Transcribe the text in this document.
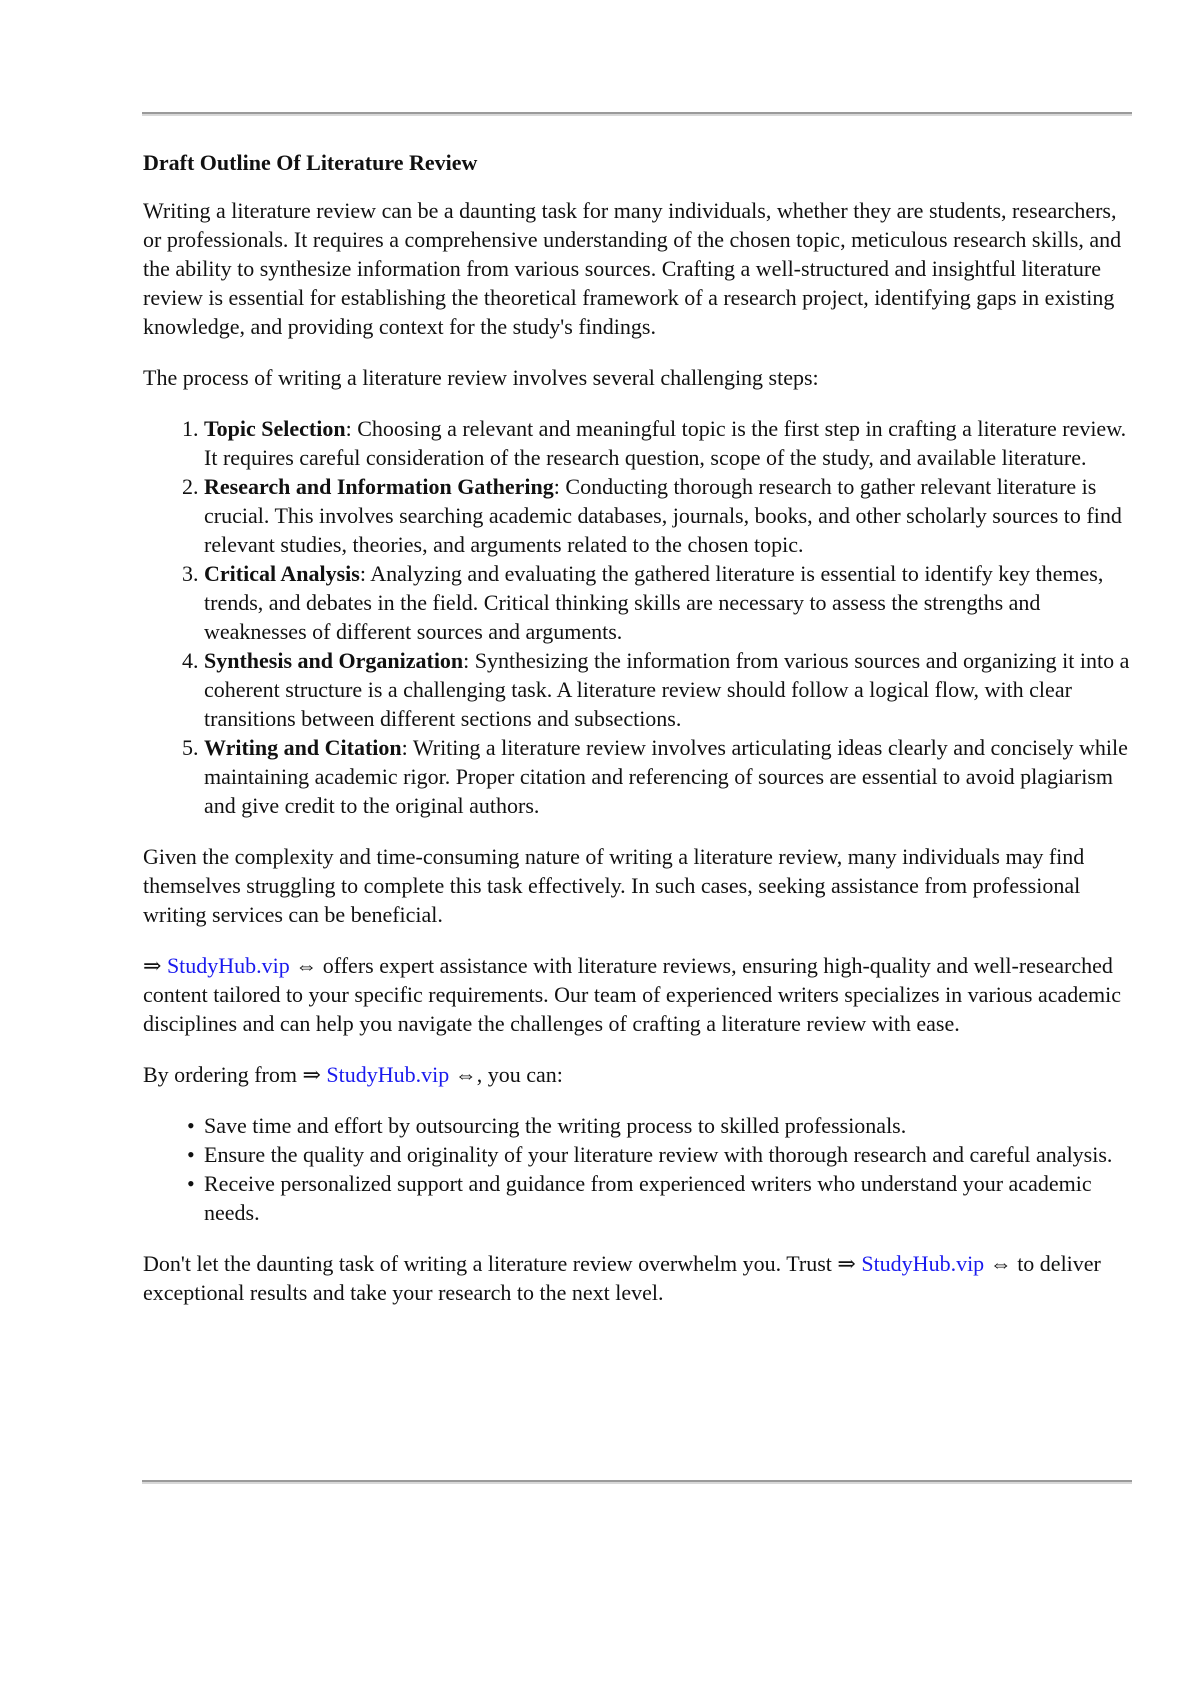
Draft Outline Of Literature Review

Writing a literature review can be a daunting task for many individuals, whether they are students, researchers, or professionals. It requires a comprehensive understanding of the chosen topic, meticulous research skills, and the ability to synthesize information from various sources. Crafting a well-structured and insightful literature review is essential for establishing the theoretical framework of a research project, identifying gaps in existing knowledge, and providing context for the study's findings.

The process of writing a literature review involves several challenging steps:

1. Topic Selection: Choosing a relevant and meaningful topic is the first step in crafting a literature review. It requires careful consideration of the research question, scope of the study, and available literature.
2. Research and Information Gathering: Conducting thorough research to gather relevant literature is crucial. This involves searching academic databases, journals, books, and other scholarly sources to find relevant studies, theories, and arguments related to the chosen topic.
3. Critical Analysis: Analyzing and evaluating the gathered literature is essential to identify key themes, trends, and debates in the field. Critical thinking skills are necessary to assess the strengths and weaknesses of different sources and arguments.
4. Synthesis and Organization: Synthesizing the information from various sources and organizing it into a coherent structure is a challenging task. A literature review should follow a logical flow, with clear transitions between different sections and subsections.
5. Writing and Citation: Writing a literature review involves articulating ideas clearly and concisely while maintaining academic rigor. Proper citation and referencing of sources are essential to avoid plagiarism and give credit to the original authors.

Given the complexity and time-consuming nature of writing a literature review, many individuals may find themselves struggling to complete this task effectively. In such cases, seeking assistance from professional writing services can be beneficial.

⇒ StudyHub.vip ⇔ offers expert assistance with literature reviews, ensuring high-quality and well-researched content tailored to your specific requirements. Our team of experienced writers specializes in various academic disciplines and can help you navigate the challenges of crafting a literature review with ease.

By ordering from ⇒ StudyHub.vip ⇔, you can:

• Save time and effort by outsourcing the writing process to skilled professionals.
• Ensure the quality and originality of your literature review with thorough research and careful analysis.
• Receive personalized support and guidance from experienced writers who understand your academic needs.

Don't let the daunting task of writing a literature review overwhelm you. Trust ⇒ StudyHub.vip ⇔ to deliver exceptional results and take your research to the next level.
